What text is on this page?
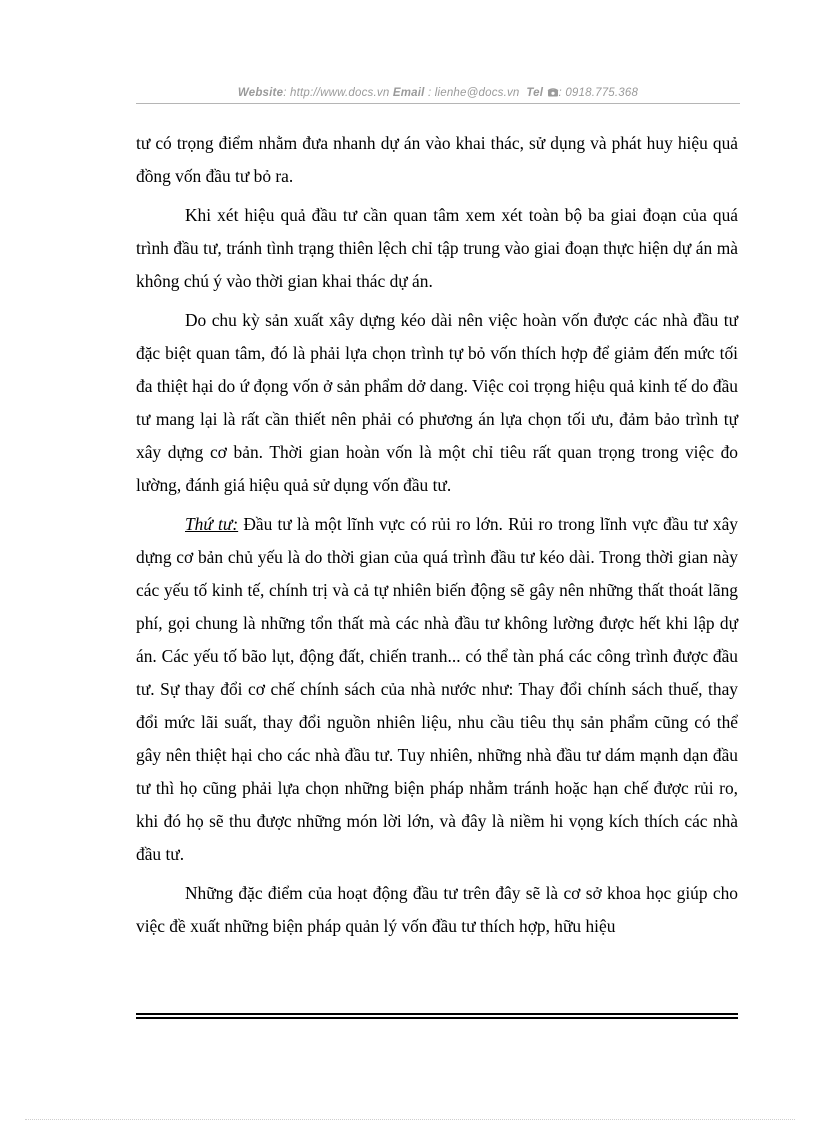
Website: http://www.docs.vn Email : lienhe@docs.vn Tel : 0918.775.368

tư có trọng điểm nhằm đưa nhanh dự án vào khai thác, sử dụng và phát huy hiệu quả đồng vốn đầu tư bỏ ra.

Khi xét hiệu quả đầu tư cần quan tâm xem xét toàn bộ ba giai đoạn của quá trình đầu tư, tránh tình trạng thiên lệch chỉ tập trung vào giai đoạn thực hiện dự án mà không chú ý vào thời gian khai thác dự án.

Do chu kỳ sản xuất xây dựng kéo dài nên việc hoàn vốn được các nhà đầu tư đặc biệt quan tâm, đó là phải lựa chọn trình tự bỏ vốn thích hợp để giảm đến mức tối đa thiệt hại do ứ đọng vốn ở sản phẩm dở dang. Việc coi trọng hiệu quả kinh tế do đầu tư mang lại là rất cần thiết nên phải có phương án lựa chọn tối ưu, đảm bảo trình tự xây dựng cơ bản. Thời gian hoàn vốn là một chỉ tiêu rất quan trọng trong việc đo lường, đánh giá hiệu quả sử dụng vốn đầu tư.

Thứ tư: Đầu tư là một lĩnh vực có rủi ro lớn. Rủi ro trong lĩnh vực đầu tư xây dựng cơ bản chủ yếu là do thời gian của quá trình đầu tư kéo dài. Trong thời gian này các yếu tố kinh tế, chính trị và cả tự nhiên biến động sẽ gây nên những thất thoát lãng phí, gọi chung là những tổn thất mà các nhà đầu tư không lường được hết khi lập dự án. Các yếu tố bão lụt, động đất, chiến tranh... có thể tàn phá các công trình được đầu tư. Sự thay đổi cơ chế chính sách của nhà nước như: Thay đổi chính sách thuế, thay đổi mức lãi suất, thay đổi nguồn nhiên liệu, nhu cầu tiêu thụ sản phẩm cũng có thể gây nên thiệt hại cho các nhà đầu tư. Tuy nhiên, những nhà đầu tư dám mạnh dạn đầu tư thì họ cũng phải lựa chọn những biện pháp nhằm tránh hoặc hạn chế được rủi ro, khi đó họ sẽ thu được những món lời lớn, và đây là niềm hi vọng kích thích các nhà đầu tư.

Những đặc điểm của hoạt động đầu tư trên đây sẽ là cơ sở khoa học giúp cho việc đề xuất những biện pháp quản lý vốn đầu tư thích hợp, hữu hiệu
